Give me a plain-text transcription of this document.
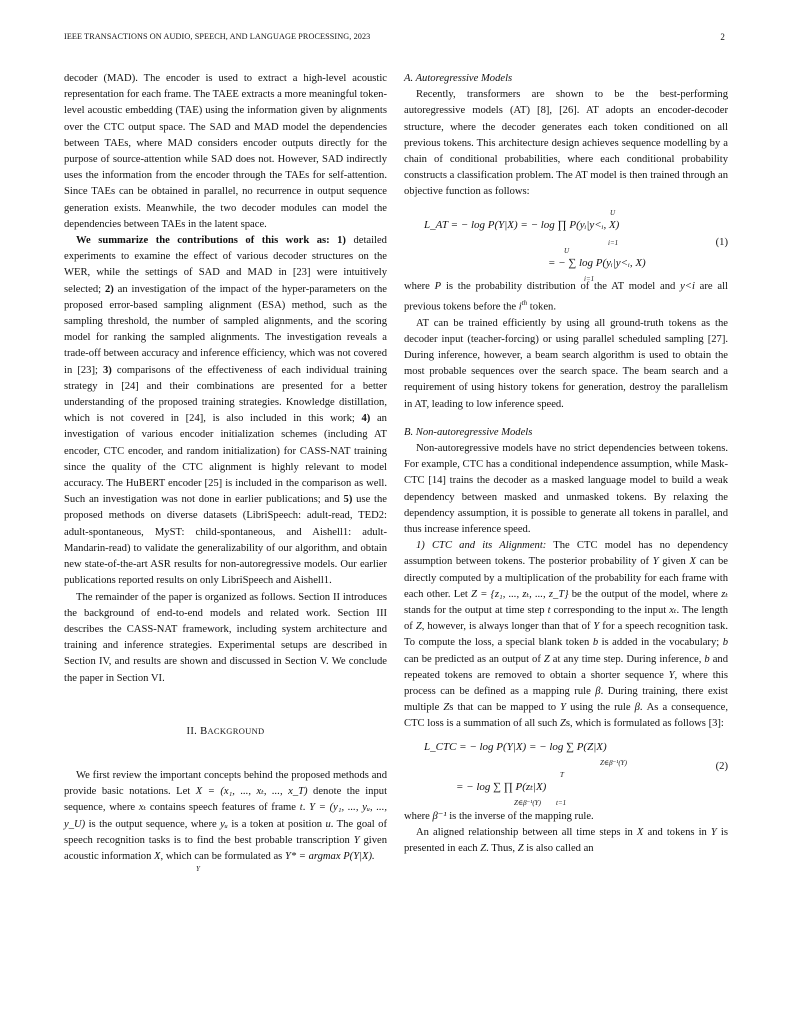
IEEE TRANSACTIONS ON AUDIO, SPEECH, AND LANGUAGE PROCESSING, 2023	2

decoder (MAD). The encoder is used to extract a high-level acoustic representation for each frame. The TAEE extracts a more meaningful token-level acoustic embedding (TAE) using the information given by alignments over the CTC output space. The SAD and MAD model the dependencies between TAEs, where MAD considers encoder outputs directly for the purpose of source-attention while SAD does not. However, SAD indirectly uses the information from the encoder through the TAEs for self-attention. Since TAEs can be obtained in parallel, no recurrence in output sequence generation exists. Meanwhile, the two decoder modules can model the dependencies between TAEs in the latent space.

We summarize the contributions of this work as: 1) detailed experiments to examine the effect of various decoder structures on the WER, while the settings of SAD and MAD in [23] were intuitively selected; 2) an investigation of the impact of the hyper-parameters on the proposed error-based sampling alignment (ESA) method, such as the sampling threshold, the number of sampled alignments, and the scoring model for ranking the sampled alignments. The investigation reveals a trade-off between accuracy and inference efficiency, which was not covered in [23]; 3) comparisons of the effectiveness of each individual training strategy in [24] and their combinations are presented for a better understanding of the proposed training strategies. Knowledge distillation, which is not covered in [24], is also included in this work; 4) an investigation of various encoder initialization schemes (including AT encoder, CTC encoder, and random initialization) for CASS-NAT training since the quality of the CTC alignment is highly relevant to model accuracy. The HuBERT encoder [25] is included in the comparison as well. Such an investigation was not done in earlier publications; and 5) use the proposed methods on diverse datasets (LibriSpeech: adult-read, TED2: adult-spontaneous, MyST: child-spontaneous, and Aishell1: adult-Mandarin-read) to validate the generalizability of our algorithm, and obtain new state-of-the-art ASR results for non-autoregressive models. Our earlier publications reported results on only LibriSpeech and Aishell1.

The remainder of the paper is organized as follows. Section II introduces the background of end-to-end models and related work. Section III describes the CASS-NAT framework, including system architecture and training and inference strategies. Experimental setups are described in Section IV, and results are shown and discussed in Section V. We conclude the paper in Section VI.

II. BACKGROUND

We first review the important concepts behind the proposed methods and provide basic notations. Let X = (x₁, ..., xₜ, ..., x_T) denote the input sequence, where xₜ contains speech features of frame t. Y = (y₁, ..., yᵤ, ..., y_U) is the output sequence, where yᵤ is a token at position u. The goal of speech recognition tasks is to find the best probable transcription Y given acoustic information X, which can be formulated as Y* = argmax P(Y|X).

Y

A. Autoregressive Models

Recently, transformers are shown to be the best-performing autoregressive models (AT) [8], [26]. AT adopts an encoder-decoder structure, where the decoder generates each token conditioned on all previous tokens. This architecture design achieves sequence modelling by a chain of conditional probabilities, where each conditional probability constructs a classification problem. The AT model is then trained through an objective function as follows:

U
L_AT = − log P(Y|X) = − log ∏ P(yᵢ|y<ᵢ, X)
i=1
U
= − ∑ log P(yᵢ|y<ᵢ, X)
i=1
(1)

where P is the probability distribution of the AT model and y<i are all previous tokens before the $i^{th}$ token.

AT can be trained efficiently by using all ground-truth tokens as the decoder input (teacher-forcing) or using parallel scheduled sampling [27]. During inference, however, a beam search algorithm is used to obtain the most probable sequences over the search space. The beam search and a requirement of using history tokens for generation, destroy the parallelism in AT, leading to low inference speed.

B. Non-autoregressive Models

Non-autoregressive models have no strict dependencies between tokens. For example, CTC has a conditional independence assumption, while Mask-CTC [14] trains the decoder as a masked language model to build a weak dependency between masked and unmasked tokens. By relaxing the dependency assumption, it is possible to generate all tokens in parallel, and thus increase inference speed.

1) CTC and its Alignment: The CTC model has no dependency assumption between tokens. The posterior probability of Y given X can be directly computed by a multiplication of the probability for each frame with each other. Let Z = {z₁, ..., zₜ, ..., z_T} be the output of the model, where zₜ stands for the output at time step t corresponding to the input xₜ. The length of Z, however, is always longer than that of Y for a speech recognition task. To compute the loss, a special blank token b is added in the vocabulary; b can be predicted as an output of Z at any time step. During inference, b and repeated tokens are removed to obtain a shorter sequence Y, where this process can be defined as a mapping rule β. During training, there exist multiple Zs that can be mapped to Y using the rule β. As a consequence, CTC loss is a summation of all such Zs, which is formulated as follows [3]:

L_CTC = − log P(Y|X) = − log ∑ P(Z|X)
Z∈β⁻¹(Y)
T
= − log ∑ ∏ P(zₜ|X)
Z∈β⁻¹(Y) t=1
(2)

where β⁻¹ is the inverse of the mapping rule.

An aligned relationship between all time steps in X and tokens in Y is presented in each Z. Thus, Z is also called an
